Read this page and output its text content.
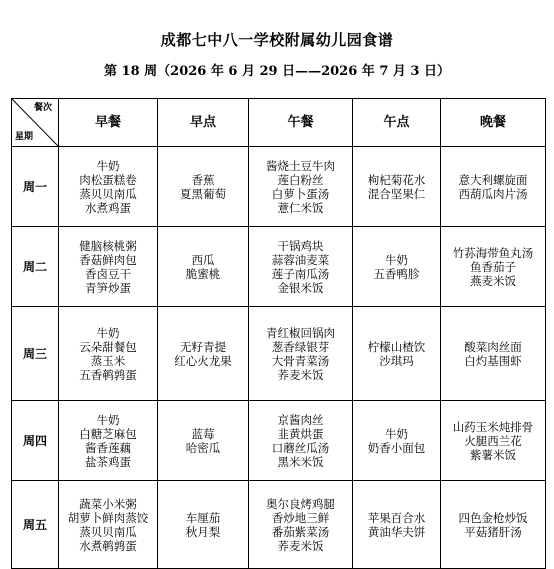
成都七中八一学校附属幼儿园食谱
第 18 周（2026 年 6 月 29 日——2026 年 7 月 3 日）
餐次
星期	早餐	早点	午餐	午点	晚餐
周一	牛奶
肉松蛋糕卷
蒸贝贝南瓜
水煮鸡蛋	香蕉
夏黑葡萄	酱烧土豆牛肉
莲白粉丝
白萝卜蛋汤
薏仁米饭	枸杞菊花水
混合坚果仁	意大利螺旋面
西葫瓜肉片汤

周二	健脑核桃粥
香菇鲜肉包
香卤豆干
青笋炒蛋	西瓜
脆蜜桃	干锅鸡块
蒜蓉油麦菜
莲子南瓜汤
金银米饭	牛奶
五香鸭胗	竹荪海带鱼丸汤
鱼香茄子
燕麦米饭

周三	牛奶
云朵甜餐包
蒸玉米
五香鹌鹑蛋	无籽青提
红心火龙果	青红椒回锅肉
葱香绿银芽
大骨青菜汤
荞麦米饭	柠檬山楂饮
沙琪玛	酸菜肉丝面
白灼基围虾

周四	牛奶
白糖芝麻包
酱香莲藕
盐茶鸡蛋	蓝莓
哈密瓜	京酱肉丝
韭黄烘蛋
口蘑丝瓜汤
黑米米饭	牛奶
奶香小面包	山药玉米炖排骨
火腿西兰花
紫薯米饭

周五	蔬菜小米粥
胡萝卜鲜肉蒸饺
蒸贝贝南瓜
水煮鹌鹑蛋	车厘茄
秋月梨	奥尔良烤鸡腿
香炒地三鲜
番茄紫菜汤
荞麦米饭	苹果百合水
黄油华夫饼	四色金枪炒饭
平菇猪肝汤
